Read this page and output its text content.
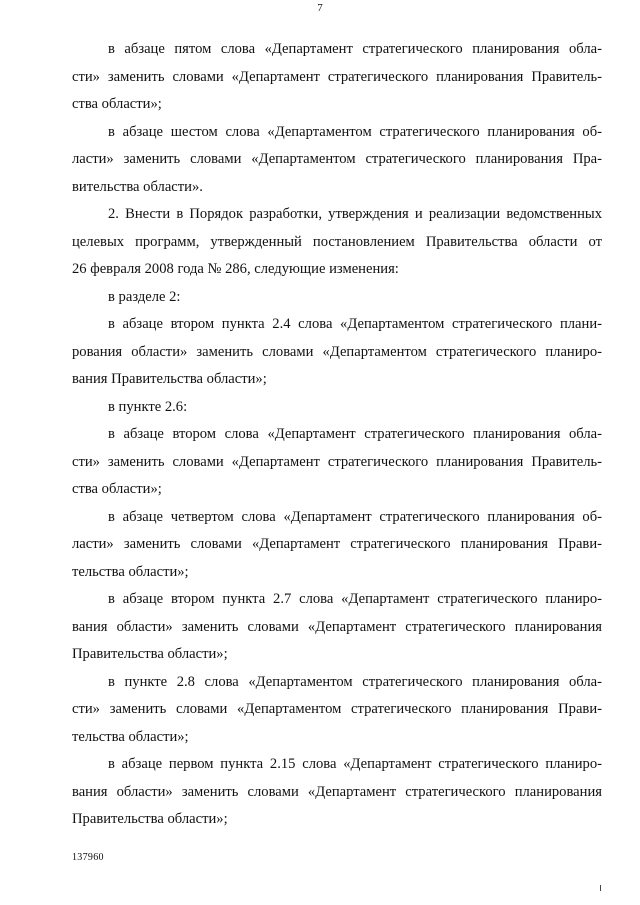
7
в абзаце пятом слова «Департамент стратегического планирования обла-
сти» заменить словами «Департамент стратегического планирования Правитель-
ства области»;
в абзаце шестом слова «Департаментом стратегического планирования об-
ласти» заменить словами «Департаментом стратегического планирования Пра-
вительства области».
2. Внести в Порядок разработки, утверждения и реализации ведомственных
целевых программ, утвержденный постановлением Правительства области от
26 февраля 2008 года № 286, следующие изменения:
в разделе 2:
в абзаце втором пункта 2.4 слова «Департаментом стратегического плани-
рования области» заменить словами «Департаментом стратегического планиро-
вания Правительства области»;
в пункте 2.6:
в абзаце втором слова «Департамент стратегического планирования обла-
сти» заменить словами «Департамент стратегического планирования Правитель-
ства области»;
в абзаце четвертом слова «Департамент стратегического планирования об-
ласти» заменить словами «Департамент стратегического планирования Прави-
тельства области»;
в абзаце втором пункта 2.7 слова «Департамент стратегического планиро-
вания области» заменить словами «Департамент стратегического планирования
Правительства области»;
в пункте 2.8 слова «Департаментом стратегического планирования обла-
сти» заменить словами «Департаментом стратегического планирования Прави-
тельства области»;
в абзаце первом пункта 2.15 слова «Департамент стратегического планиро-
вания области» заменить словами «Департамент стратегического планирования
Правительства области»;
137960
